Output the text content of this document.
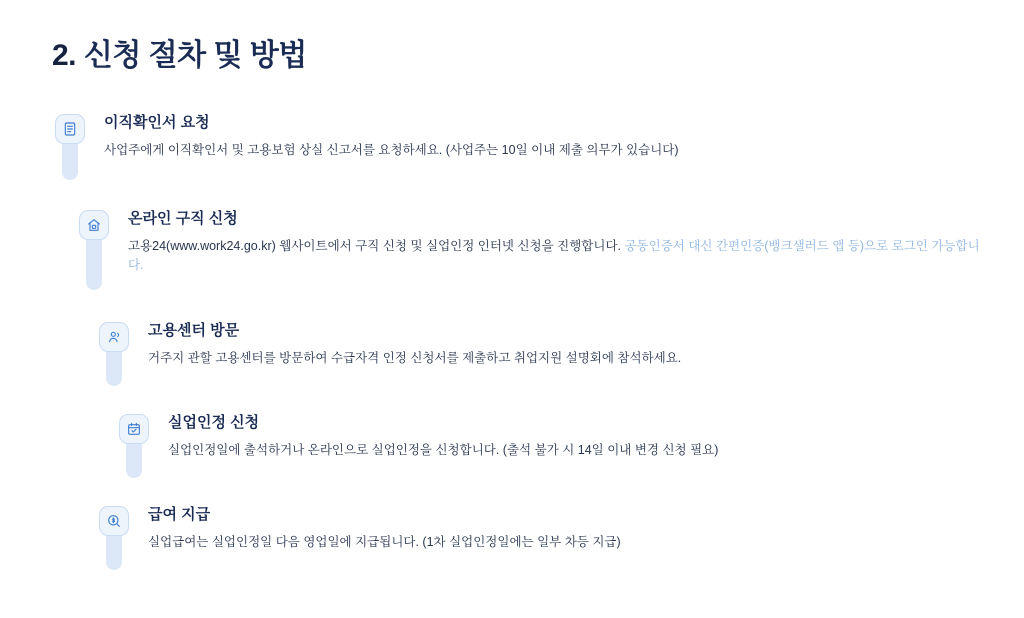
2. 신청 절차 및 방법

이직확인서 요청

사업주에게 이직확인서 및 고용보험 상실 신고서를 요청하세요. (사업주는 10일 이내 제출 의무가 있습니다)

온라인 구직 신청

고용24(www.work24.go.kr) 웹사이트에서 구직 신청 및 실업인정 인터넷 신청을 진행합니다. 공동인증서 대신 간편인증(뱅크샐러드 앱 등)으로 로그인 가능합니다.

고용센터 방문

거주지 관할 고용센터를 방문하여 수급자격 인정 신청서를 제출하고 취업지원 설명회에 참석하세요.

실업인정 신청

실업인정일에 출석하거나 온라인으로 실업인정을 신청합니다. (출석 불가 시 14일 이내 변경 신청 필요)

급여 지급

실업급여는 실업인정일 다음 영업일에 지급됩니다. (1차 실업인정일에는 일부 차등 지급)
